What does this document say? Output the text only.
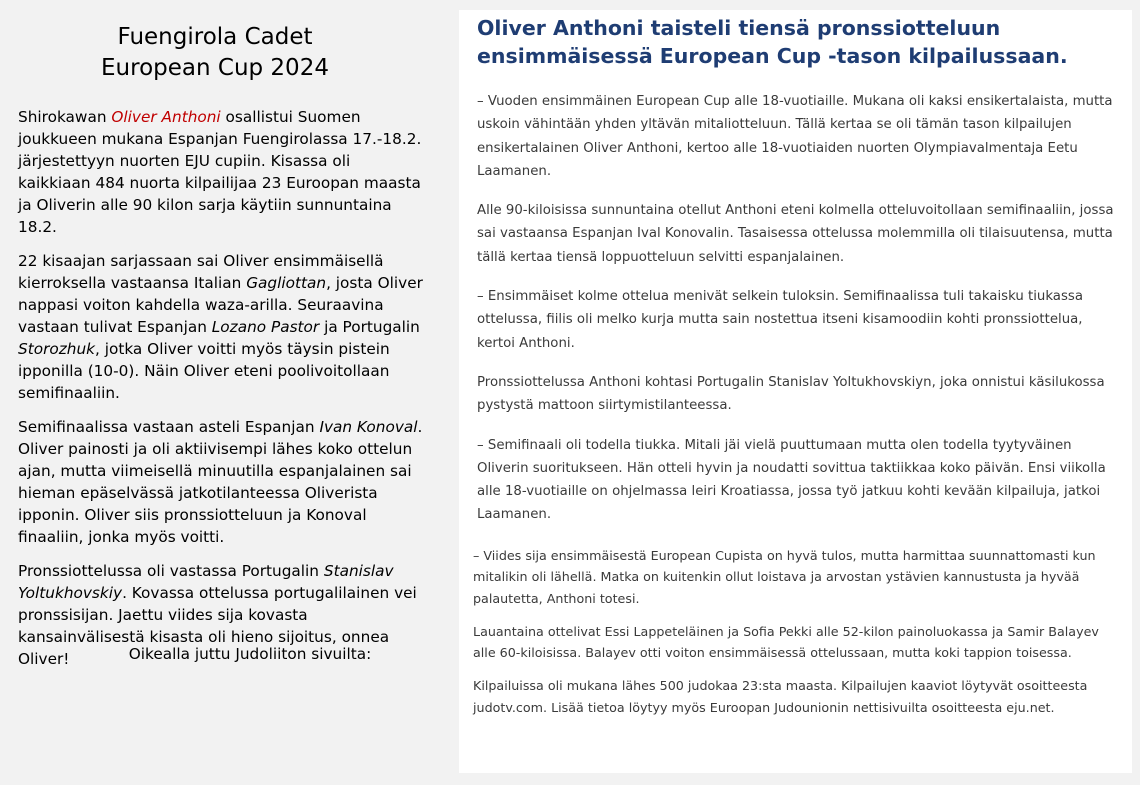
Fuengirola Cadet
European Cup 2024

Shirokawan Oliver Anthoni osallistui Suomen joukkueen mukana Espanjan Fuengirolassa 17.-18.2. järjestettyyn nuorten EJU cupiin. Kisassa oli kaikkiaan 484 nuorta kilpailijaa 23 Euroopan maasta ja Oliverin alle 90 kilon sarja käytiin sunnuntaina 18.2.

22 kisaajan sarjassaan sai Oliver ensimmäisellä kierroksella vastaansa Italian Gagliottan, josta Oliver nappasi voiton kahdella waza-arilla. Seuraavina vastaan tulivat Espanjan Lozano Pastor ja Portugalin Storozhuk, jotka Oliver voitti myös täysin pistein ipponilla (10-0). Näin Oliver eteni poolivoitollaan semifinaaliin.

Semifinaalissa vastaan asteli Espanjan Ivan Konoval. Oliver painosti ja oli aktiivisempi lähes koko ottelun ajan, mutta viimeisellä minuutilla espanjalainen sai hieman epäselvässä jatkotilanteessa Oliverista ipponin. Oliver siis pronssiotteluun ja Konoval finaaliin, jonka myös voitti.

Pronssiottelussa oli vastassa Portugalin Stanislav Yoltukhovskiy. Kovassa ottelussa portugalilainen vei pronssisijan. Jaettu viides sija kovasta kansainvälisestä kisasta oli hieno sijoitus, onnea Oliver!	Oikealla juttu Judoliiton sivuilta:
Oliver Anthoni taisteli tiensä pronssiotteluun ensimmäisessä European Cup -tason kilpailussaan.

– Vuoden ensimmäinen European Cup alle 18-vuotiaille. Mukana oli kaksi ensikertalaista, mutta uskoin vähintään yhden yltävän mitaliotteluun. Tällä kertaa se oli tämän tason kilpailujen ensikertalainen Oliver Anthoni, kertoo alle 18-vuotiaiden nuorten Olympiavalmentaja Eetu Laamanen.

Alle 90-kiloisissa sunnuntaina otellut Anthoni eteni kolmella otteluvoitollaan semifinaaliin, jossa sai vastaansa Espanjan Ival Konovalin. Tasaisessa ottelussa molemmilla oli tilaisuutensa, mutta tällä kertaa tiensä loppuotteluun selvitti espanjalainen.

– Ensimmäiset kolme ottelua menivät selkein tuloksin. Semifinaalissa tuli takaisku tiukassa ottelussa, fiilis oli melko kurja mutta sain nostettua itseni kisamoodiin kohti pronssiottelua, kertoi Anthoni.

Pronssiottelussa Anthoni kohtasi Portugalin Stanislav Yoltukhovskiyn, joka onnistui käsilukossa pystystä mattoon siirtymistilanteessa.

– Semifinaali oli todella tiukka. Mitali jäi vielä puuttumaan mutta olen todella tyytyväinen Oliverin suoritukseen. Hän otteli hyvin ja noudatti sovittua taktiikkaa koko päivän. Ensi viikolla alle 18-vuotiaille on ohjelmassa leiri Kroatiassa, jossa työ jatkuu kohti kevään kilpailuja, jatkoi Laamanen.

– Viides sija ensimmäisestä European Cupista on hyvä tulos, mutta harmittaa suunnattomasti kun mitalikin oli lähellä. Matka on kuitenkin ollut loistava ja arvostan ystävien kannustusta ja hyvää palautetta, Anthoni totesi.

Lauantaina ottelivat Essi Lappeteläinen ja Sofia Pekki alle 52-kilon painoluokassa ja Samir Balayev alle 60-kiloisissa. Balayev otti voiton ensimmäisessä ottelussaan, mutta koki tappion toisessa.

Kilpailuissa oli mukana lähes 500 judokaa 23:sta maasta. Kilpailujen kaaviot löytyvät osoitteesta judotv.com. Lisää tietoa löytyy myös Euroopan Judounionin nettisivuilta osoitteesta eju.net.
